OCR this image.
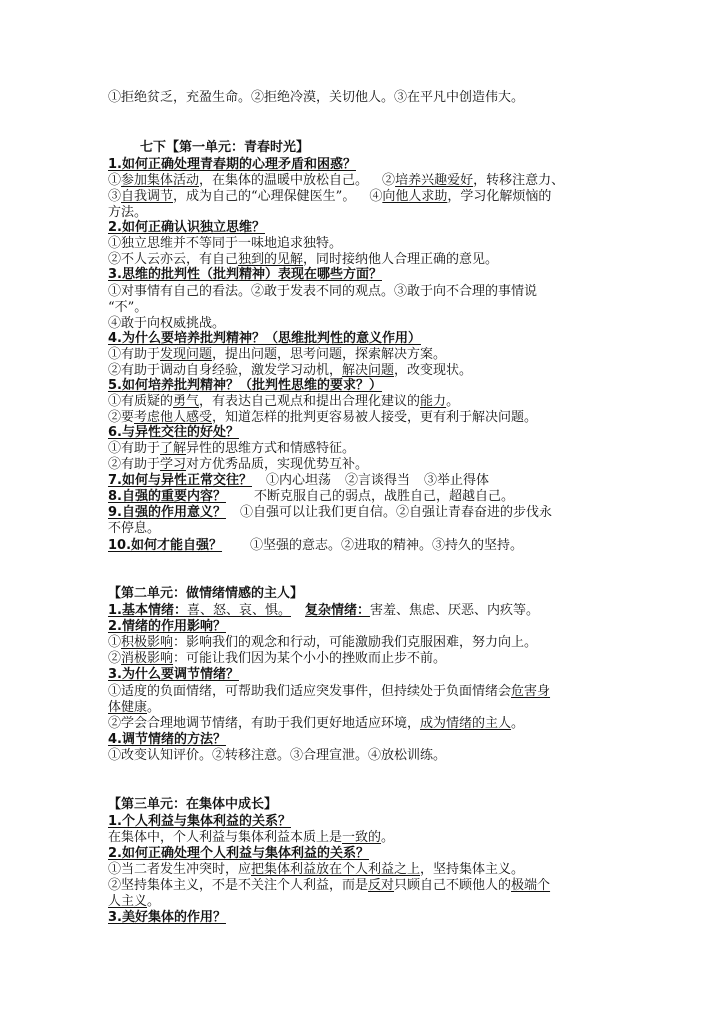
①拒绝贫乏，充盈生命。②拒绝冷漠，关切他人。③在平凡中创造伟大。
七下【第一单元：青春时光】
1.如何正确处理青春期的心理矛盾和困惑？
①参加集体活动，在集体的温暖中放松自己。 ②培养兴趣爱好，转移注意力、
③自我调节，成为自己的“心理保健医生”。 ④向他人求助，学习化解烦恼的
方法。
2.如何正确认识独立思维？
①独立思维并不等同于一味地追求独特。
②不人云亦云，有自己独到的见解，同时接纳他人合理正确的意见。
3.思维的批判性（批判精神）表现在哪些方面？
①对事情有自己的看法。②敢于发表不同的观点。③敢于向不合理的事情说
“不”。
④敢于向权威挑战。
4.为什么要培养批判精神？（思维批判性的意义作用）
①有助于发现问题，提出问题，思考问题，探索解决方案。
②有助于调动自身经验，激发学习动机，解决问题，改变现状。
5.如何培养批判精神？（批判性思维的要求？）
①有质疑的勇气，有表达自己观点和提出合理化建议的能力。
②要考虑他人感受，知道怎样的批判更容易被人接受，更有利于解决问题。
6.与异性交往的好处？
①有助于了解异性的思维方式和情感特征。
②有助于学习对方优秀品质，实现优势互补。
7.如何与异性正常交往？ ①内心坦荡 ②言谈得当 ③举止得体
8.自强的重要内容？ 不断克服自己的弱点，战胜自己，超越自己。
9.自强的作用意义？ ①自强可以让我们更自信。②自强让青春奋进的步伐永
不停息。
10.如何才能自强？ ①坚强的意志。②进取的精神。③持久的坚持。
【第二单元：做情绪情感的主人】
1.基本情绪：喜、怒、哀、惧。 复杂情绪：害羞、焦虑、厌恶、内疚等。
2.情绪的作用影响？
①积极影响：影响我们的观念和行动，可能激励我们克服困难，努力向上。
②消极影响：可能让我们因为某个小小的挫败而止步不前。
3.为什么要调节情绪？
①适度的负面情绪，可帮助我们适应突发事件，但持续处于负面情绪会危害身
体健康。
②学会合理地调节情绪，有助于我们更好地适应环境，成为情绪的主人。
4.调节情绪的方法？
①改变认知评价。②转移注意。③合理宣泄。④放松训练。
【第三单元：在集体中成长】
1.个人利益与集体利益的关系？
在集体中，个人利益与集体利益本质上是一致的。
2.如何正确处理个人利益与集体利益的关系？
①当二者发生冲突时，应把集体利益放在个人利益之上，坚持集体主义。
②坚持集体主义，不是不关注个人利益，而是反对只顾自己不顾他人的极端个
人主义。
3.美好集体的作用？
